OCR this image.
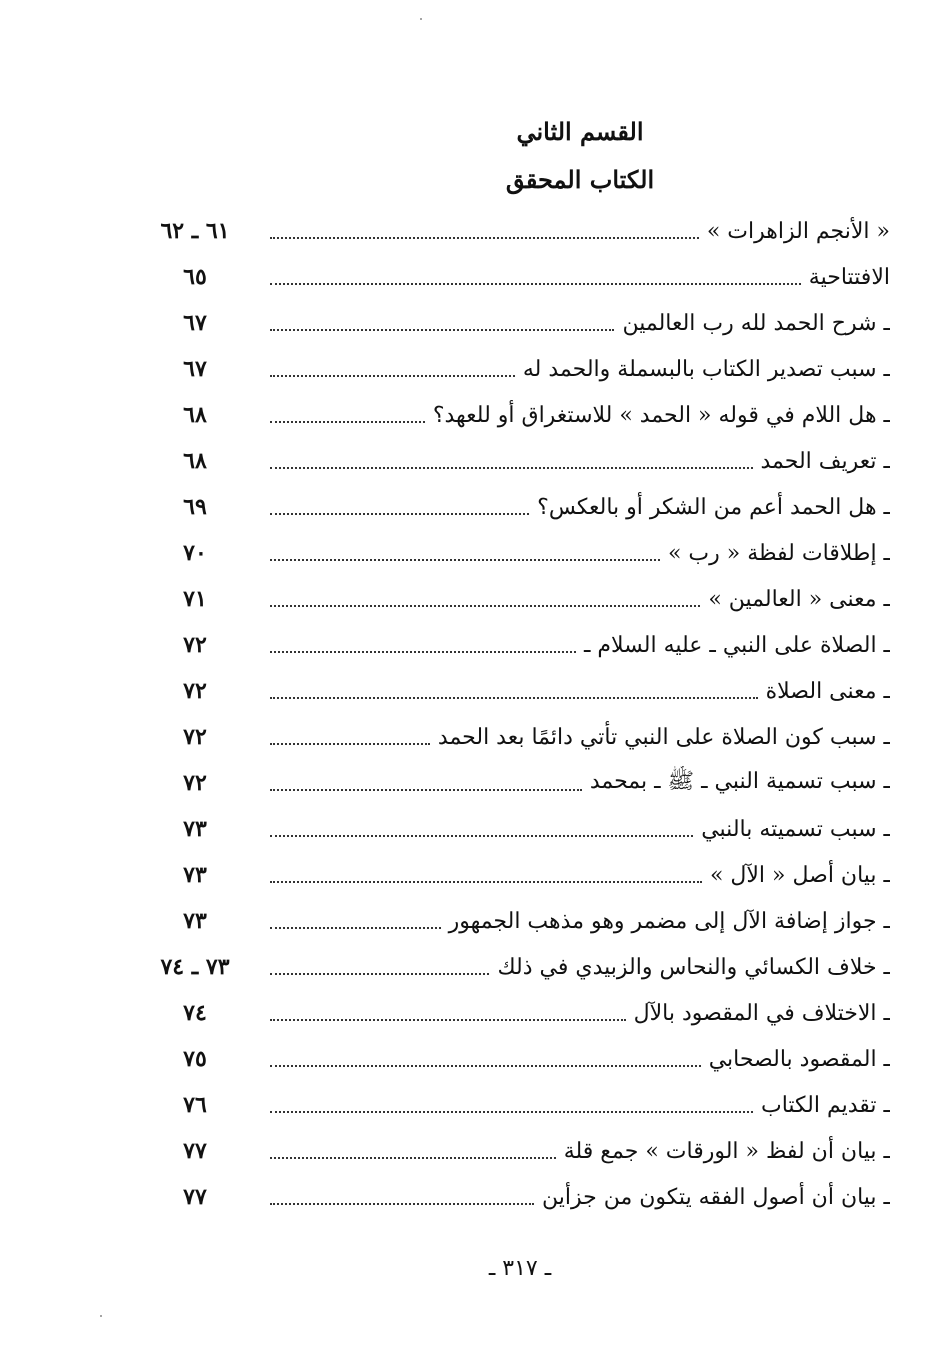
القسم الثاني
الكتاب المحقق
« الأنجم الزاهرات »
٦١ ـ ٦٢
الافتتاحية
٦٥
ـ شرح الحمد لله رب العالمين
٦٧
ـ سبب تصدير الكتاب بالبسملة والحمد له
٦٧
ـ هل اللام في قوله « الحمد » للاستغراق أو للعهد؟
٦٨
ـ تعريف الحمد
٦٨
ـ هل الحمد أعم من الشكر أو بالعكس؟
٦٩
ـ إطلاقات لفظة « رب »
٧٠
ـ معنى « العالمين »
٧١
ـ الصلاة على النبي ـ عليه السلام ـ
٧٢
ـ معنى الصلاة
٧٢
ـ سبب كون الصلاة على النبي تأتي دائمًا بعد الحمد
٧٢
ـ سبب تسمية النبي ـ ﷺ ـ بمحمد
٧٢
ـ سبب تسميته بالنبي
٧٣
ـ بيان أصل « الآل »
٧٣
ـ جواز إضافة الآل إلى مضمر وهو مذهب الجمهور
٧٣
ـ خلاف الكسائي والنحاس والزبيدي في ذلك
٧٣ ـ ٧٤
ـ الاختلاف في المقصود بالآل
٧٤
ـ المقصود بالصحابي
٧٥
ـ تقديم الكتاب
٧٦
ـ بيان أن لفظ « الورقات » جمع قلة
٧٧
ـ بيان أن أصول الفقه يتكون من جزأين
٧٧
ـ ٣١٧ ـ
